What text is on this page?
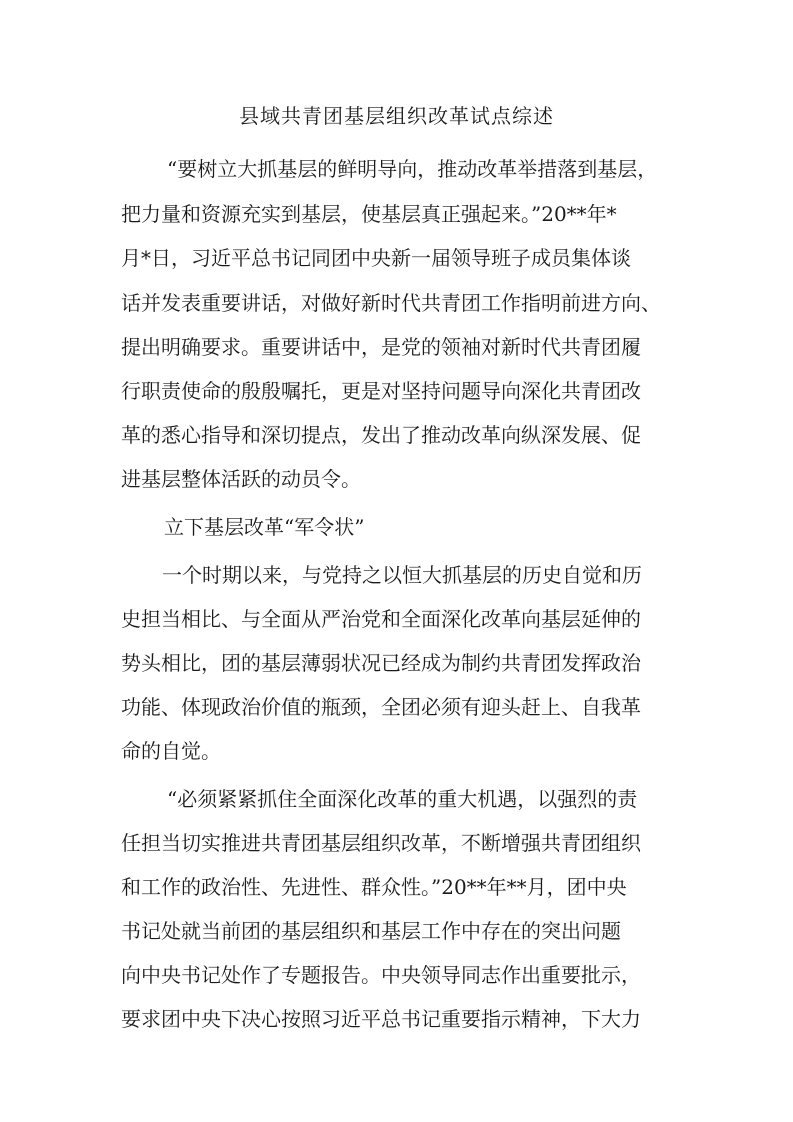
县域共青团基层组织改革试点综述
“要树立大抓基层的鲜明导向，推动改革举措落到基层，
把力量和资源充实到基层，使基层真正强起来。”20**年*
月*日，习近平总书记同团中央新一届领导班子成员集体谈
话并发表重要讲话，对做好新时代共青团工作指明前进方向、
提出明确要求。重要讲话中，是党的领袖对新时代共青团履
行职责使命的殷殷嘱托，更是对坚持问题导向深化共青团改
革的悉心指导和深切提点，发出了推动改革向纵深发展、促
进基层整体活跃的动员令。
立下基层改革“军令状”
一个时期以来，与党持之以恒大抓基层的历史自觉和历
史担当相比、与全面从严治党和全面深化改革向基层延伸的
势头相比，团的基层薄弱状况已经成为制约共青团发挥政治
功能、体现政治价值的瓶颈，全团必须有迎头赶上、自我革
命的自觉。
“必须紧紧抓住全面深化改革的重大机遇，以强烈的责
任担当切实推进共青团基层组织改革，不断增强共青团组织
和工作的政治性、先进性、群众性。”20**年**月，团中央
书记处就当前团的基层组织和基层工作中存在的突出问题
向中央书记处作了专题报告。中央领导同志作出重要批示，
要求团中央下决心按照习近平总书记重要指示精神，下大力
